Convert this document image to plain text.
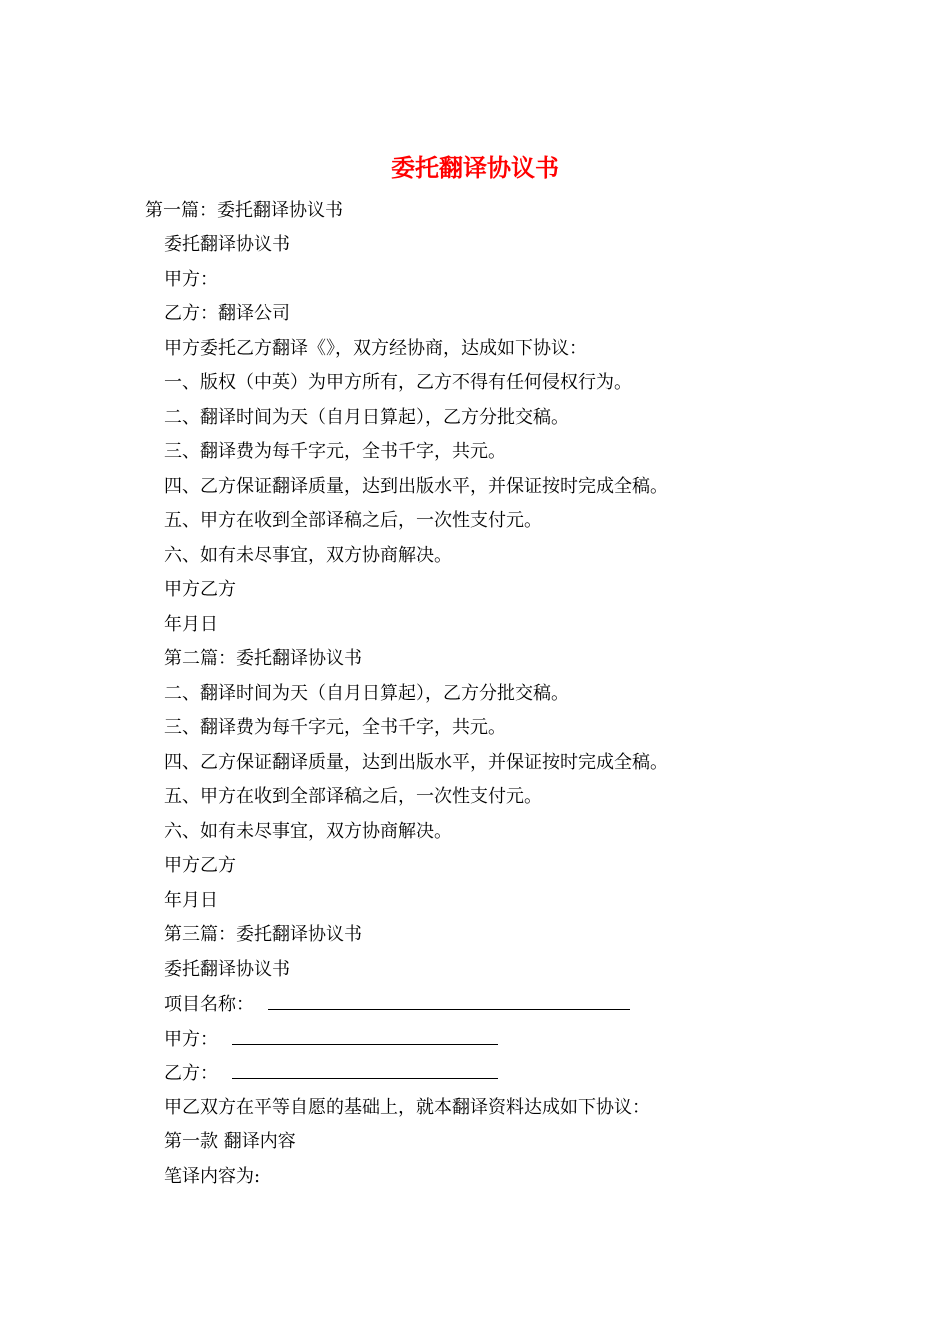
委托翻译协议书
第一篇：委托翻译协议书
委托翻译协议书
甲方：
乙方：翻译公司
甲方委托乙方翻译《》，双方经协商，达成如下协议：
一、版权（中英）为甲方所有，乙方不得有任何侵权行为。
二、翻译时间为天（自月日算起），乙方分批交稿。
三、翻译费为每千字元，全书千字，共元。
四、乙方保证翻译质量，达到出版水平，并保证按时完成全稿。
五、甲方在收到全部译稿之后，一次性支付元。
六、如有未尽事宜，双方协商解决。
甲方乙方
年月日
第二篇：委托翻译协议书
二、翻译时间为天（自月日算起），乙方分批交稿。
三、翻译费为每千字元，全书千字，共元。
四、乙方保证翻译质量，达到出版水平，并保证按时完成全稿。
五、甲方在收到全部译稿之后，一次性支付元。
六、如有未尽事宜，双方协商解决。
甲方乙方
年月日
第三篇：委托翻译协议书
委托翻译协议书
项目名称：
甲方：
乙方：
甲乙双方在平等自愿的基础上，就本翻译资料达成如下协议：
第一款 翻译内容
笔译内容为:
